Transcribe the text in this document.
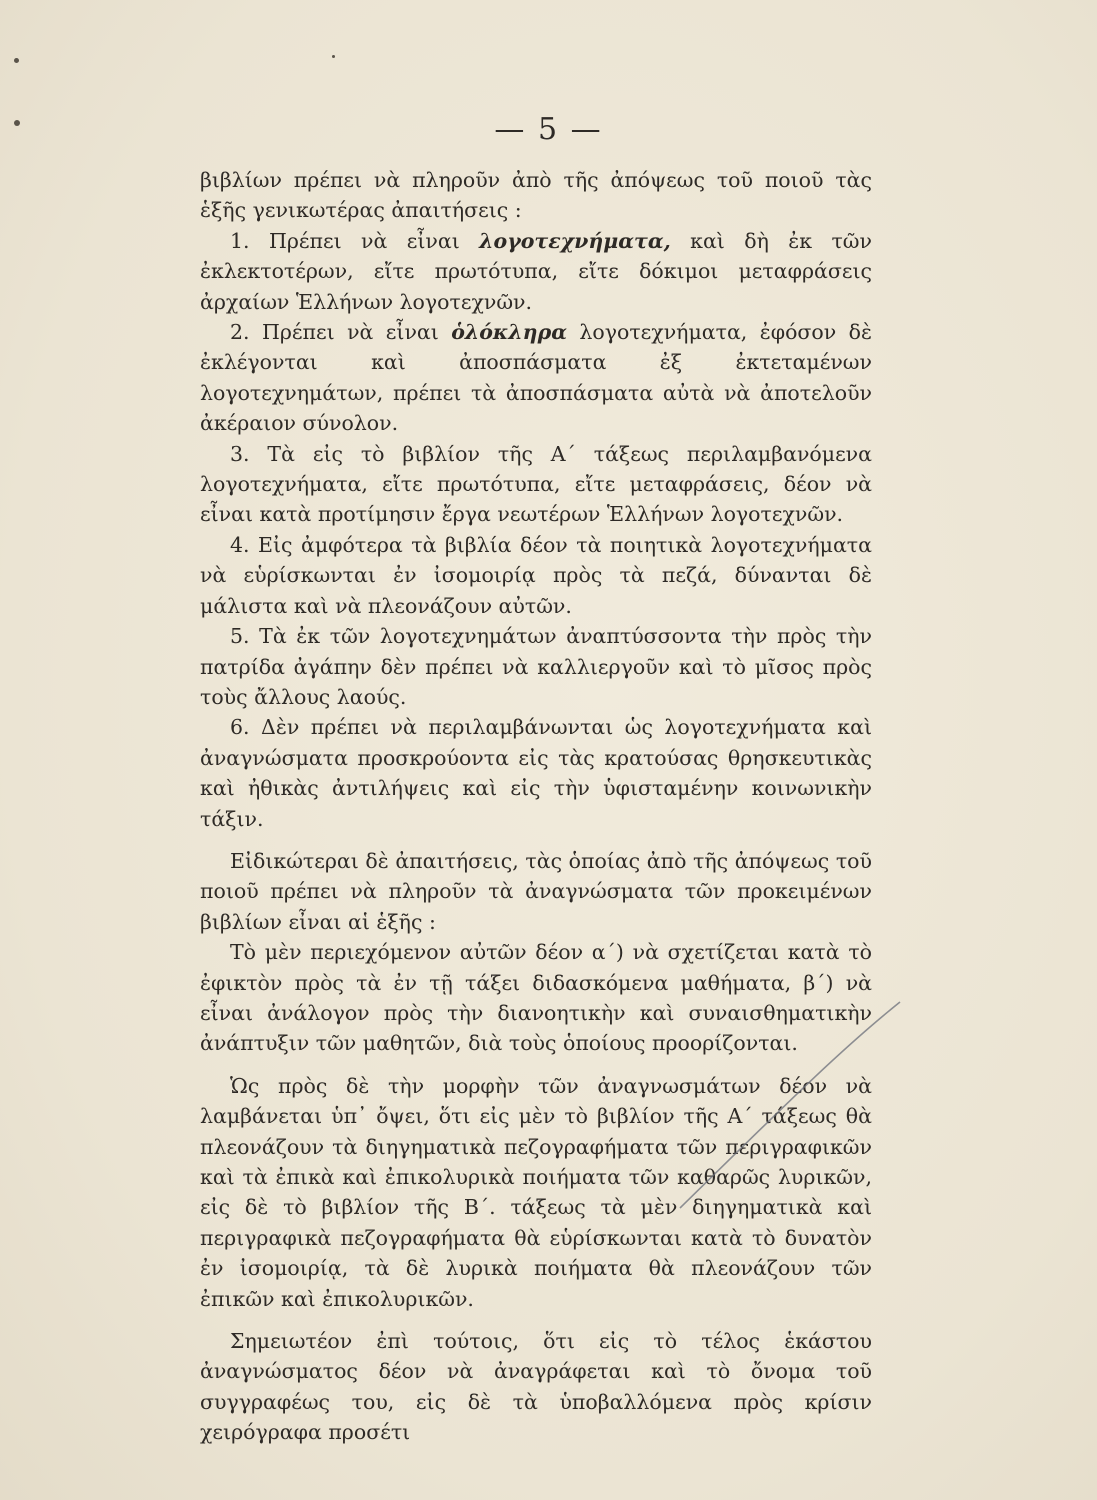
— 5 —

βιβλίων πρέπει νὰ πληροῦν ἀπὸ τῆς ἀπόψεως τοῦ ποιοῦ τὰς ἑξῆς γενικωτέρας ἀπαιτήσεις :

1. Πρέπει νὰ εἶναι λογοτεχνήματα, καὶ δὴ ἐκ τῶν ἐκλεκτοτέρων, εἴτε πρωτότυπα, εἴτε δόκιμοι μεταφράσεις ἀρχαίων Ἑλλήνων λογοτεχνῶν.

2. Πρέπει νὰ εἶναι ὁλόκληρα λογοτεχνήματα, ἐφόσον δὲ ἐκλέγονται καὶ ἀποσπάσματα ἐξ ἐκτεταμένων λογοτεχνημάτων, πρέπει τὰ ἀποσπάσματα αὐτὰ νὰ ἀποτελοῦν ἀκέραιον σύνολον.

3. Τὰ εἰς τὸ βιβλίον τῆς Α΄ τάξεως περιλαμβανόμενα λογοτεχνήματα, εἴτε πρωτότυπα, εἴτε μεταφράσεις, δέον νὰ εἶναι κατὰ προτίμησιν ἔργα νεωτέρων Ἑλλήνων λογοτεχνῶν.

4. Εἰς ἀμφότερα τὰ βιβλία δέον τὰ ποιητικὰ λογοτεχνήματα νὰ εὑρίσκωνται ἐν ἰσομοιρίᾳ πρὸς τὰ πεζά, δύνανται δὲ μάλιστα καὶ νὰ πλεονάζουν αὐτῶν.

5. Τὰ ἐκ τῶν λογοτεχνημάτων ἀναπτύσσοντα τὴν πρὸς τὴν πατρίδα ἀγάπην δὲν πρέπει νὰ καλλιεργοῦν καὶ τὸ μῖσος πρὸς τοὺς ἄλλους λαούς.

6. Δὲν πρέπει νὰ περιλαμβάνωνται ὡς λογοτεχνήματα καὶ ἀναγνώσματα προσκρούοντα εἰς τὰς κρατούσας θρησκευτικὰς καὶ ἠθικὰς ἀντιλήψεις καὶ εἰς τὴν ὑφισταμένην κοινωνικὴν τάξιν.

Εἰδικώτεραι δὲ ἀπαιτήσεις, τὰς ὁποίας ἀπὸ τῆς ἀπόψεως τοῦ ποιοῦ πρέπει νὰ πληροῦν τὰ ἀναγνώσματα τῶν προκειμένων βιβλίων εἶναι αἱ ἑξῆς :

Τὸ μὲν περιεχόμενον αὐτῶν δέον α΄) νὰ σχετίζεται κατὰ τὸ ἐφικτὸν πρὸς τὰ ἐν τῇ τάξει διδασκόμενα μαθήματα, β΄) νὰ εἶναι ἀνάλογον πρὸς τὴν διανοητικὴν καὶ συναισθηματικὴν ἀνάπτυξιν τῶν μαθητῶν, διὰ τοὺς ὁποίους προορίζονται.

Ὡς πρὸς δὲ τὴν μορφὴν τῶν ἀναγνωσμάτων δέον νὰ λαμβάνεται ὑπ᾽ ὄψει, ὅτι εἰς μὲν τὸ βιβλίον τῆς Α΄ τάξεως θὰ πλεονάζουν τὰ διηγηματικὰ πεζογραφήματα τῶν περιγραφικῶν καὶ τὰ ἐπικὰ καὶ ἐπικολυρικὰ ποιήματα τῶν καθαρῶς λυρικῶν, εἰς δὲ τὸ βιβλίον τῆς Β΄. τάξεως τὰ μὲν διηγηματικὰ καὶ περιγραφικὰ πεζογραφήματα θὰ εὑρίσκωνται κατὰ τὸ δυνατὸν ἐν ἰσομοιρίᾳ, τὰ δὲ λυρικὰ ποιήματα θὰ πλεονάζουν τῶν ἐπικῶν καὶ ἐπικολυρικῶν.

Σημειωτέον ἐπὶ τούτοις, ὅτι εἰς τὸ τέλος ἑκάστου ἀναγνώσματος δέον νὰ ἀναγράφεται καὶ τὸ ὄνομα τοῦ συγγραφέως του, εἰς δὲ τὰ ὑποβαλλόμενα πρὸς κρίσιν χειρόγραφα προσέτι
